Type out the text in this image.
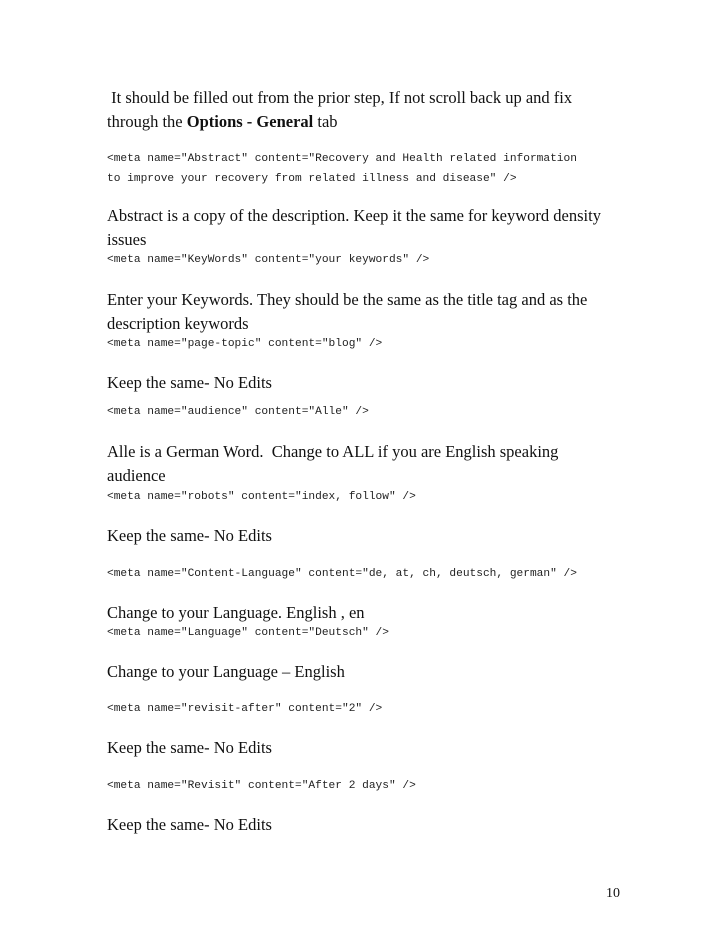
It should be filled out from the prior step, If not scroll back up and fix
through the Options - General tab

<meta name="Abstract" content="Recovery and Health related information
to improve your recovery from related illness and disease" />

Abstract is a copy of the description. Keep it the same for keyword density
issues

<meta name="KeyWords" content="your keywords" />

Enter your Keywords. They should be the same as the title tag and as the
description keywords

<meta name="page-topic" content="blog" />

Keep the same- No Edits

<meta name="audience" content="Alle" />

Alle is a German Word.  Change to ALL if you are English speaking
audience

<meta name="robots" content="index, follow" />

Keep the same- No Edits

<meta name="Content-Language" content="de, at, ch, deutsch, german" />

Change to your Language. English , en

<meta name="Language" content="Deutsch" />

Change to your Language – English

<meta name="revisit-after" content="2" />

Keep the same- No Edits

<meta name="Revisit" content="After 2 days" />

Keep the same- No Edits

10
